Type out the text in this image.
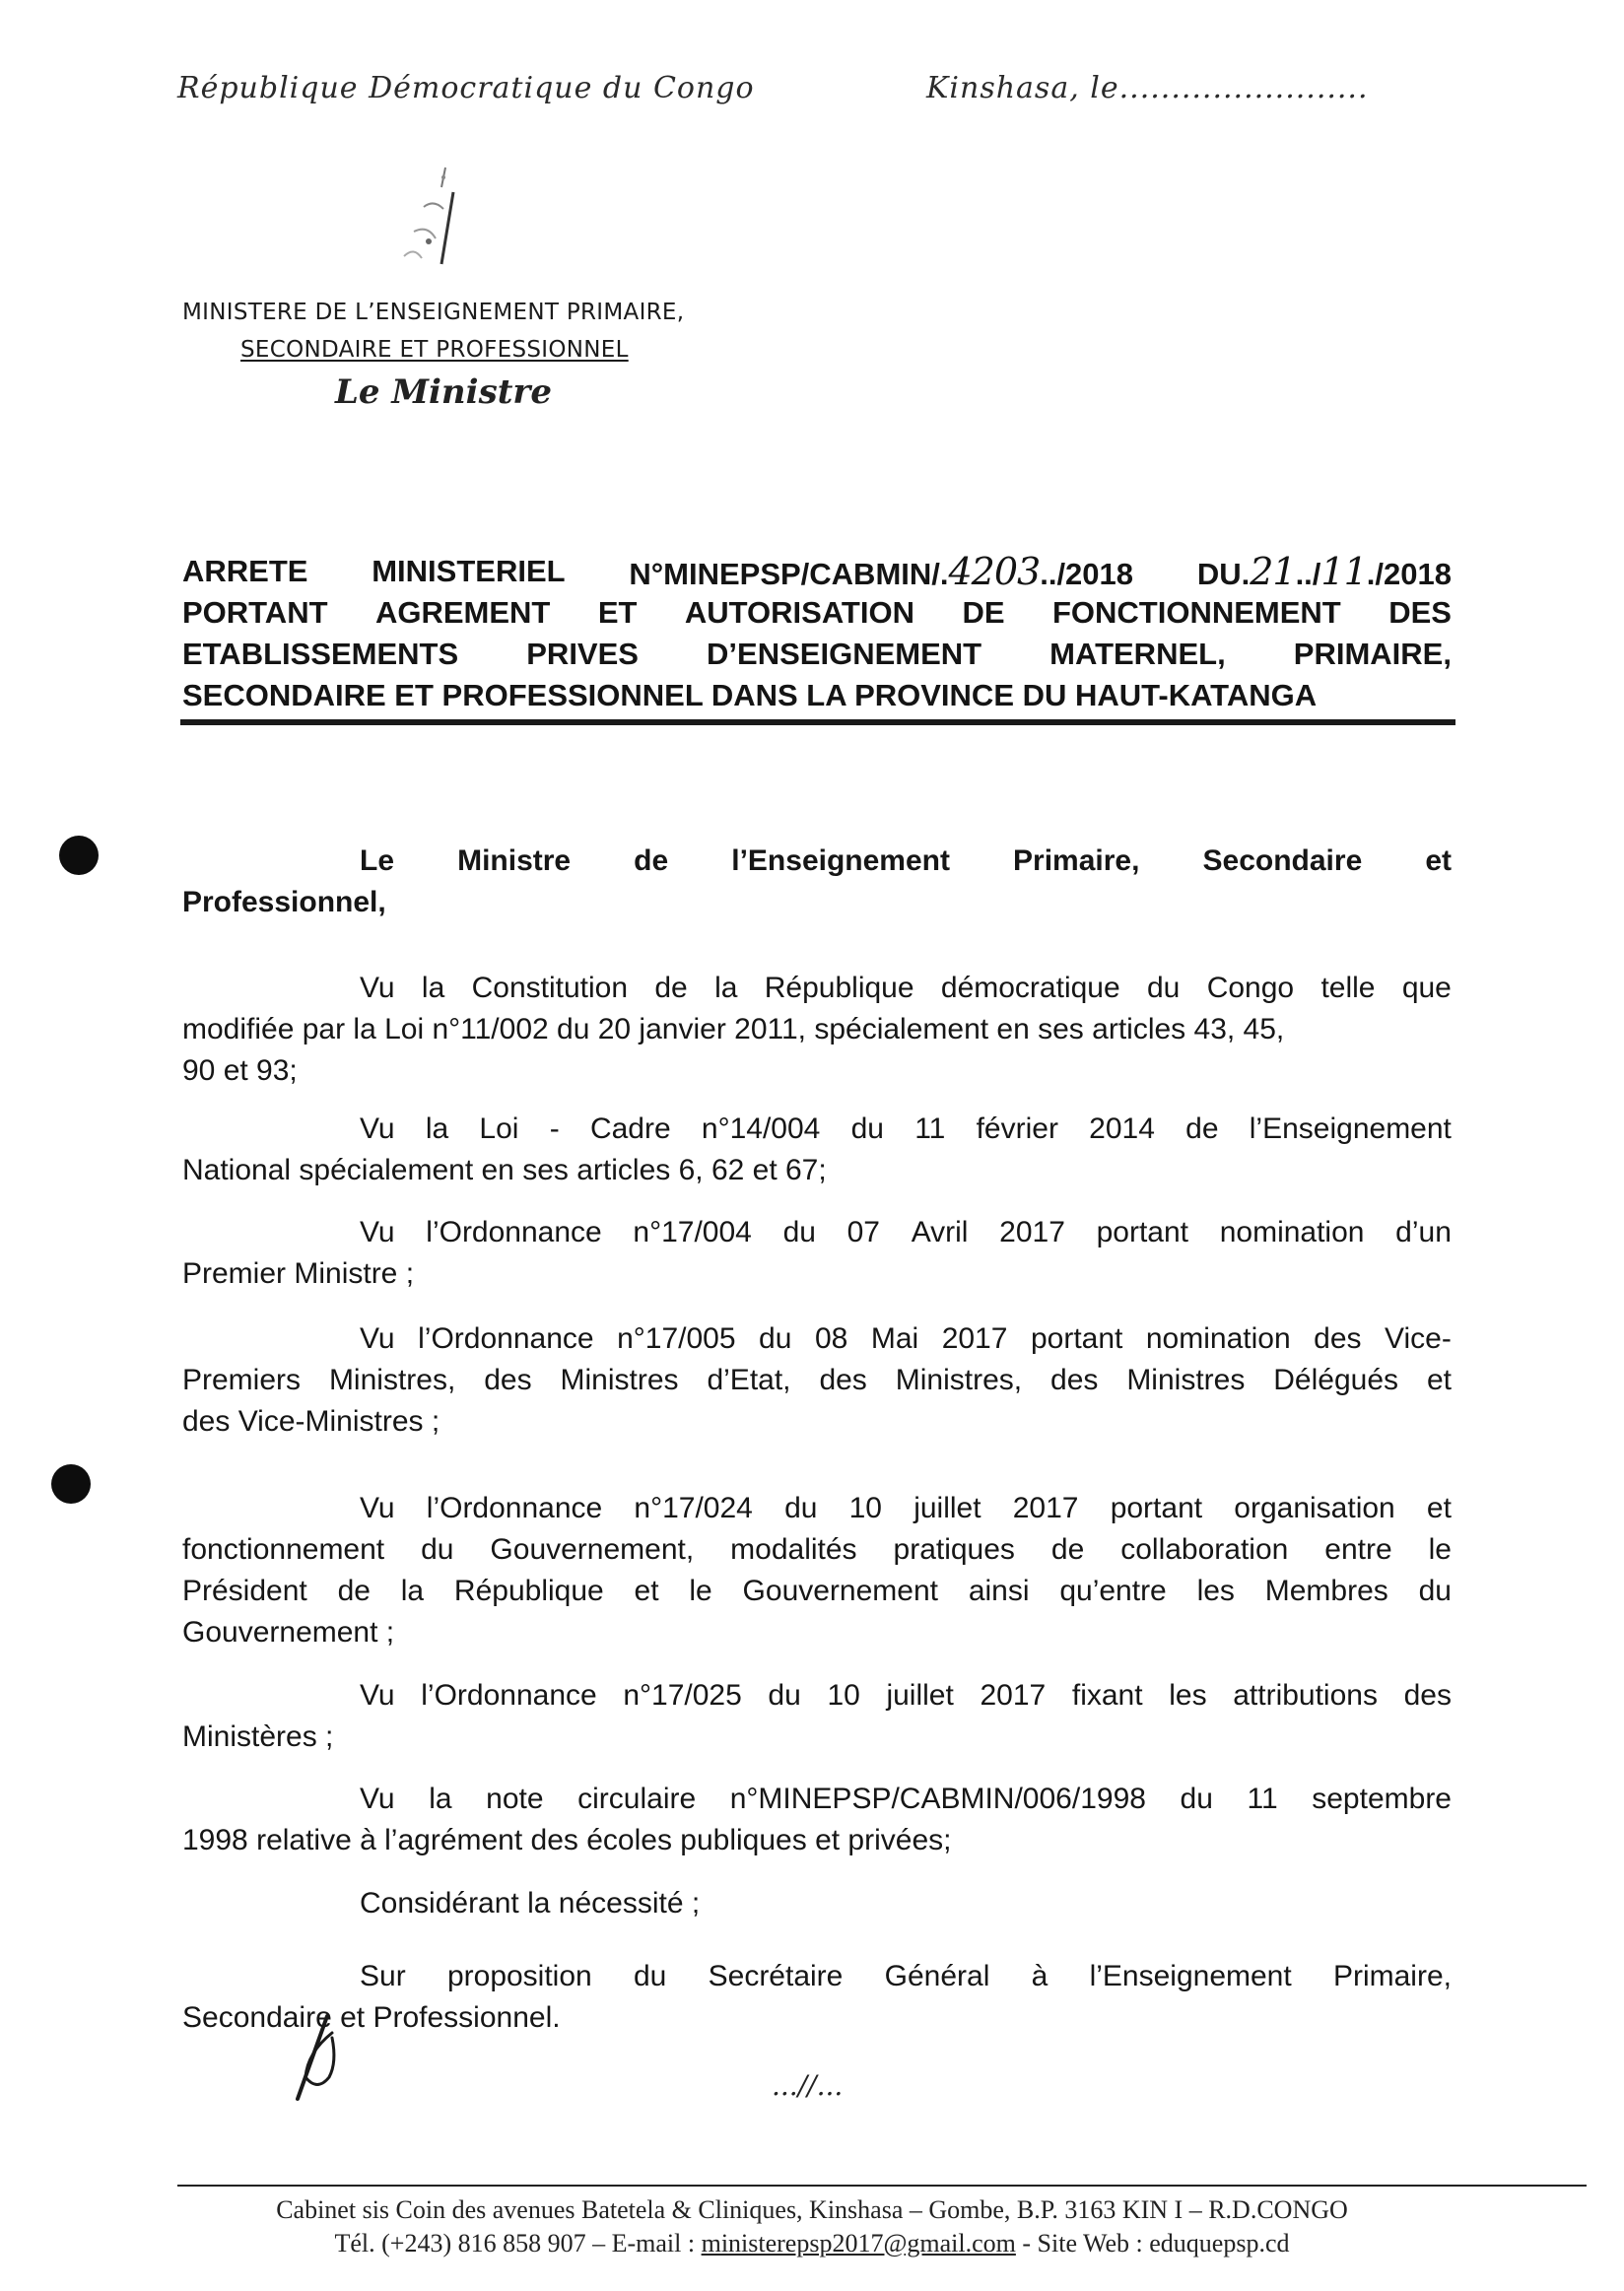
République Démocratique du Congo	Kinshasa, le........................
MINISTERE DE L’ENSEIGNEMENT PRIMAIRE,
SECONDAIRE ET PROFESSIONNEL
Le Ministre
ARRETE MINISTERIEL N°MINEPSP/CABMIN/.4203../2018 DU.21../11./2018
PORTANT AGREMENT ET AUTORISATION DE FONCTIONNEMENT DES
ETABLISSEMENTS PRIVES D’ENSEIGNEMENT MATERNEL, PRIMAIRE,
SECONDAIRE ET PROFESSIONNEL DANS LA PROVINCE DU HAUT-KATANGA
Le Ministre de l’Enseignement Primaire, Secondaire et
Professionnel,
Vu la Constitution de la République démocratique du Congo telle que
modifiée par la Loi n°11/002 du 20 janvier 2011, spécialement en ses articles 43, 45,
90 et 93;
Vu la Loi - Cadre n°14/004 du 11 février 2014 de l’Enseignement
National spécialement en ses articles 6, 62 et 67;
Vu l’Ordonnance n°17/004 du 07 Avril 2017 portant nomination d’un
Premier Ministre ;
Vu l’Ordonnance n°17/005 du 08 Mai 2017 portant nomination des Vice-
Premiers Ministres, des Ministres d’Etat, des Ministres, des Ministres Délégués et
des Vice-Ministres ;
Vu l’Ordonnance n°17/024 du 10 juillet 2017 portant organisation et
fonctionnement du Gouvernement, modalités pratiques de collaboration entre le
Président de la République et le Gouvernement ainsi qu’entre les Membres du
Gouvernement ;
Vu l’Ordonnance n°17/025 du 10 juillet 2017 fixant les attributions des
Ministères ;
Vu la note circulaire n°MINEPSP/CABMIN/006/1998 du 11 septembre
1998 relative à l’agrément des écoles publiques et privées;
Considérant la nécessité ;
Sur proposition du Secrétaire Général à l’Enseignement Primaire,
Secondaire et Professionnel.
...//...
Cabinet sis Coin des avenues Batetela & Cliniques, Kinshasa – Gombe, B.P. 3163 KIN I – R.D.CONGO
Tél. (+243) 816 858 907 – E-mail : ministerepsp2017@gmail.com - Site Web : eduquepsp.cd
